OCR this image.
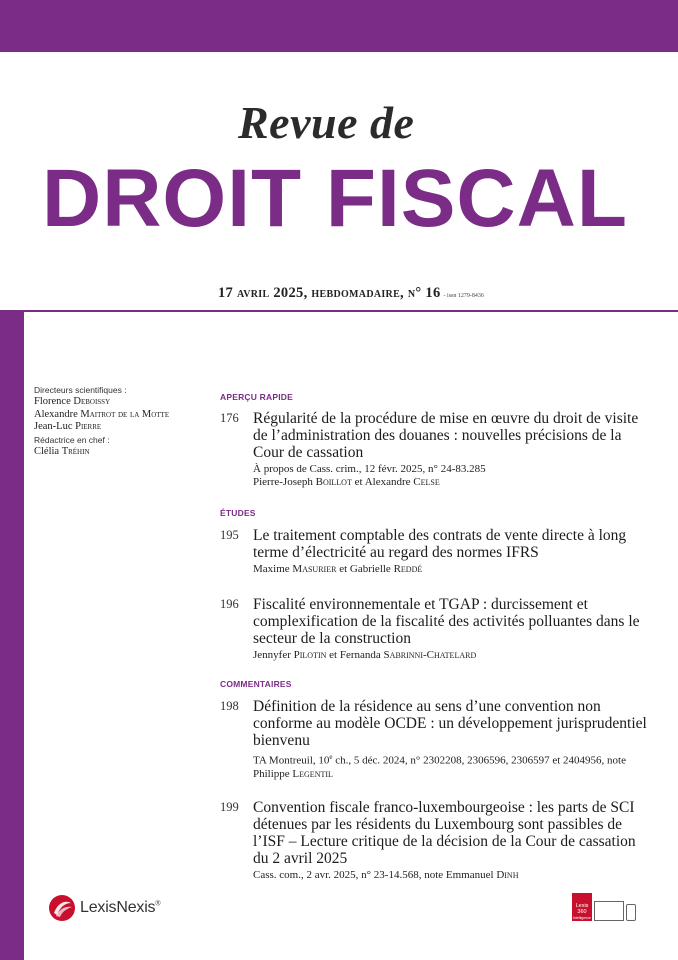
Revue de
DROIT FISCAL
17 avril 2025, hebdomadaire, n° 16 - issn 1279-8436
Directeurs scientifiques :
Florence Deboissy
Alexandre Maitrot de la Motte
Jean-Luc Pierre
Rédactrice en chef :
Clélia Tréhin
APERÇU RAPIDE
176 Régularité de la procédure de mise en œuvre du droit de visite de l’administration des douanes : nouvelles précisions de la Cour de cassation
À propos de Cass. crim., 12 févr. 2025, n° 24-83.285
Pierre-Joseph Boillot et Alexandre Celse
ÉTUDES
195 Le traitement comptable des contrats de vente directe à long terme d’électricité au regard des normes IFRS
Maxime Masurier et Gabrielle Reddé
196 Fiscalité environnementale et TGAP : durcissement et complexification de la fiscalité des activités polluantes dans le secteur de la construction
Jennyfer Pilotin et Fernanda Sabrinni-Chatelard
COMMENTAIRES
198 Définition de la résidence au sens d’une convention non conforme au modèle OCDE : un développement jurisprudentiel bienvenu
TA Montreuil, 10e ch., 5 déc. 2024, n° 2302208, 2306596, 2306597 et 2404956, note Philippe Legentil
199 Convention fiscale franco-luxembourgeoise : les parts de SCI détenues par les résidents du Luxembourg sont passibles de l’ISF – Lecture critique de la décision de la Cour de cassation du 2 avril 2025
Cass. com., 2 avr. 2025, n° 23-14.568, note Emmanuel Dinh
LexisNexis®	Lexis
360
Intelligence
